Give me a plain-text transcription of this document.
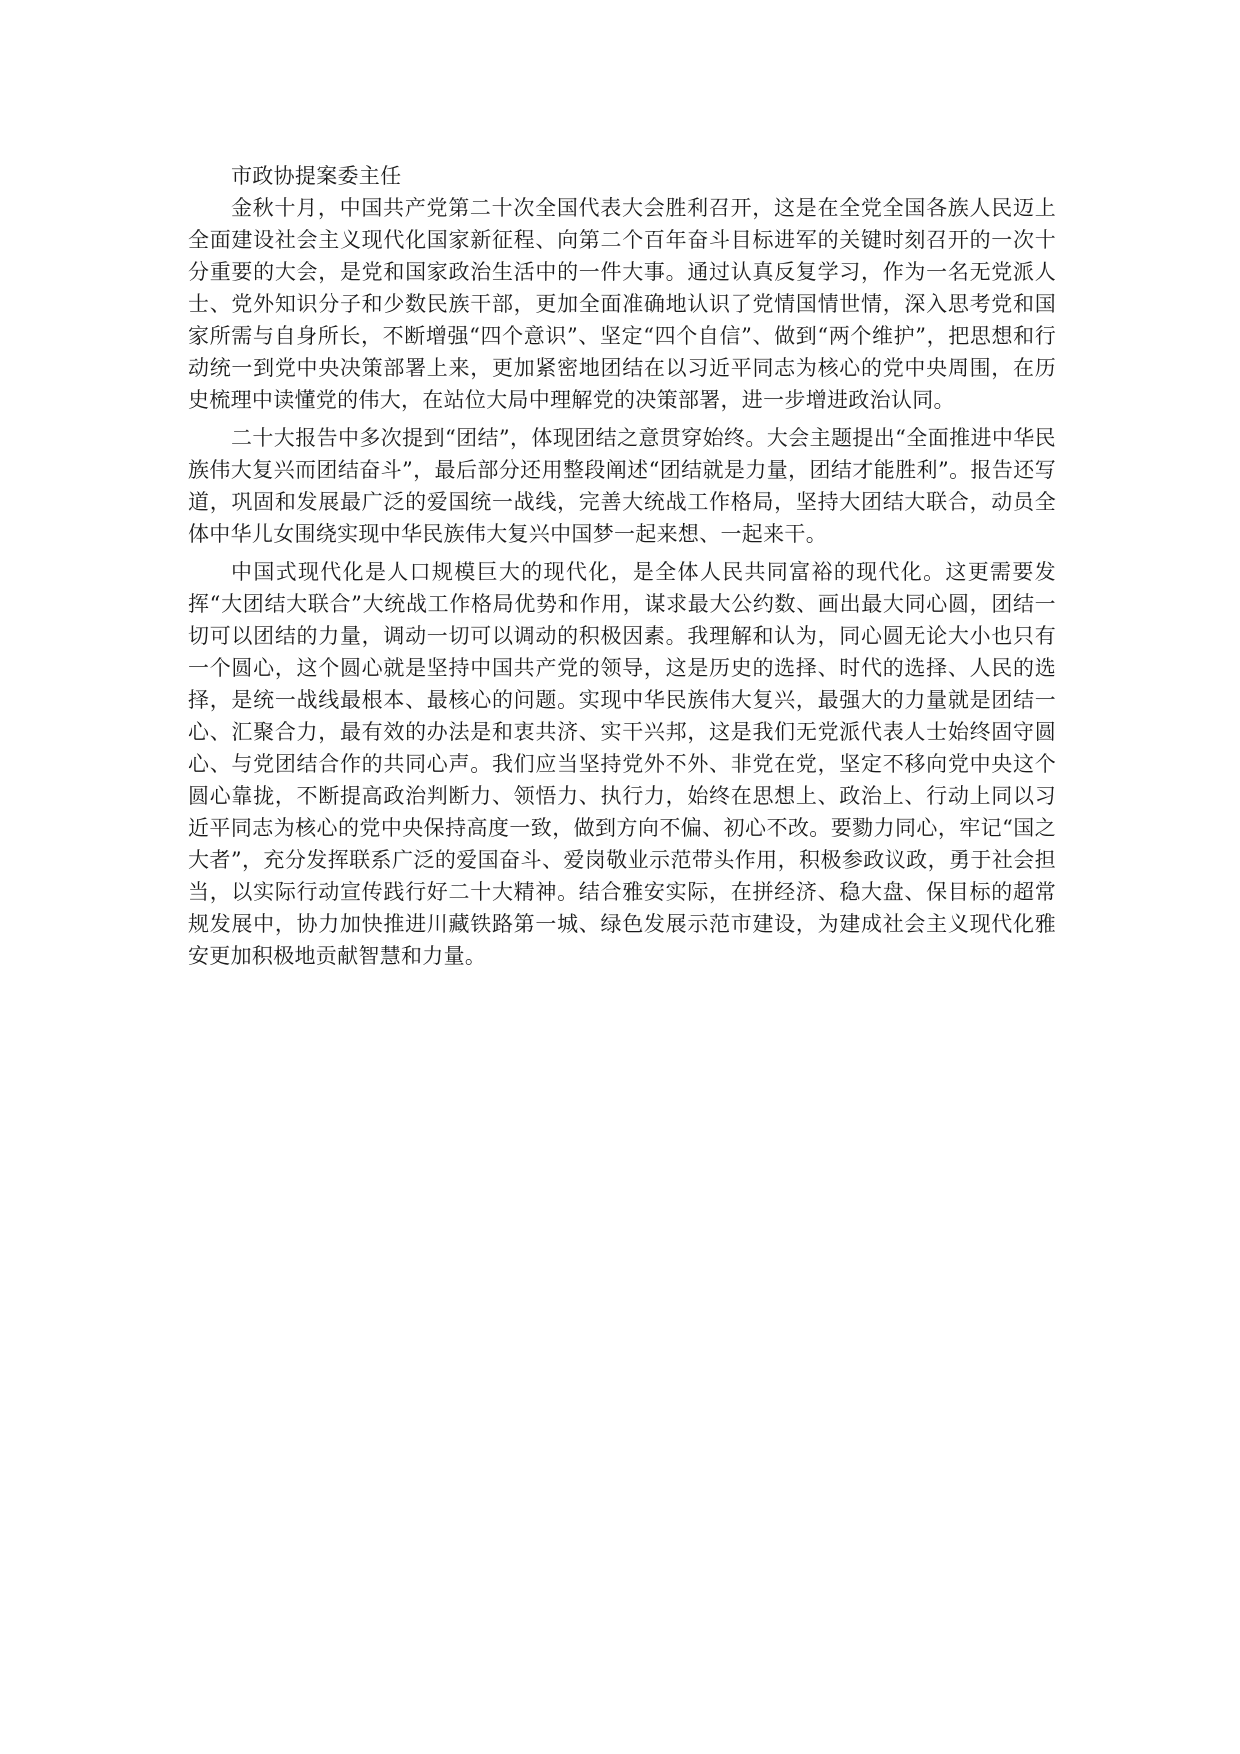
市政协提案委主任

金秋十月，中国共产党第二十次全国代表大会胜利召开，这是在全党全国各族人民迈上全面建设社会主义现代化国家新征程、向第二个百年奋斗目标进军的关键时刻召开的一次十分重要的大会，是党和国家政治生活中的一件大事。通过认真反复学习，作为一名无党派人士、党外知识分子和少数民族干部，更加全面准确地认识了党情国情世情，深入思考党和国家所需与自身所长，不断增强“四个意识”、坚定“四个自信”、做到“两个维护”，把思想和行动统一到党中央决策部署上来，更加紧密地团结在以习近平同志为核心的党中央周围，在历史梳理中读懂党的伟大，在站位大局中理解党的决策部署，进一步增进政治认同。

二十大报告中多次提到“团结”，体现团结之意贯穿始终。大会主题提出“全面推进中华民族伟大复兴而团结奋斗”，最后部分还用整段阐述“团结就是力量，团结才能胜利”。报告还写道，巩固和发展最广泛的爱国统一战线，完善大统战工作格局，坚持大团结大联合，动员全体中华儿女围绕实现中华民族伟大复兴中国梦一起来想、一起来干。

中国式现代化是人口规模巨大的现代化，是全体人民共同富裕的现代化。这更需要发挥“大团结大联合”大统战工作格局优势和作用，谋求最大公约数、画出最大同心圆，团结一切可以团结的力量，调动一切可以调动的积极因素。我理解和认为，同心圆无论大小也只有一个圆心，这个圆心就是坚持中国共产党的领导，这是历史的选择、时代的选择、人民的选择，是统一战线最根本、最核心的问题。实现中华民族伟大复兴，最强大的力量就是团结一心、汇聚合力，最有效的办法是和衷共济、实干兴邦，这是我们无党派代表人士始终固守圆心、与党团结合作的共同心声。我们应当坚持党外不外、非党在党，坚定不移向党中央这个圆心靠拢，不断提高政治判断力、领悟力、执行力，始终在思想上、政治上、行动上同以习近平同志为核心的党中央保持高度一致，做到方向不偏、初心不改。要勠力同心，牢记“国之大者”，充分发挥联系广泛的爱国奋斗、爱岗敬业示范带头作用，积极参政议政，勇于社会担当，以实际行动宣传践行好二十大精神。结合雅安实际，在拼经济、稳大盘、保目标的超常规发展中，协力加快推进川藏铁路第一城、绿色发展示范市建设，为建成社会主义现代化雅安更加积极地贡献智慧和力量。
